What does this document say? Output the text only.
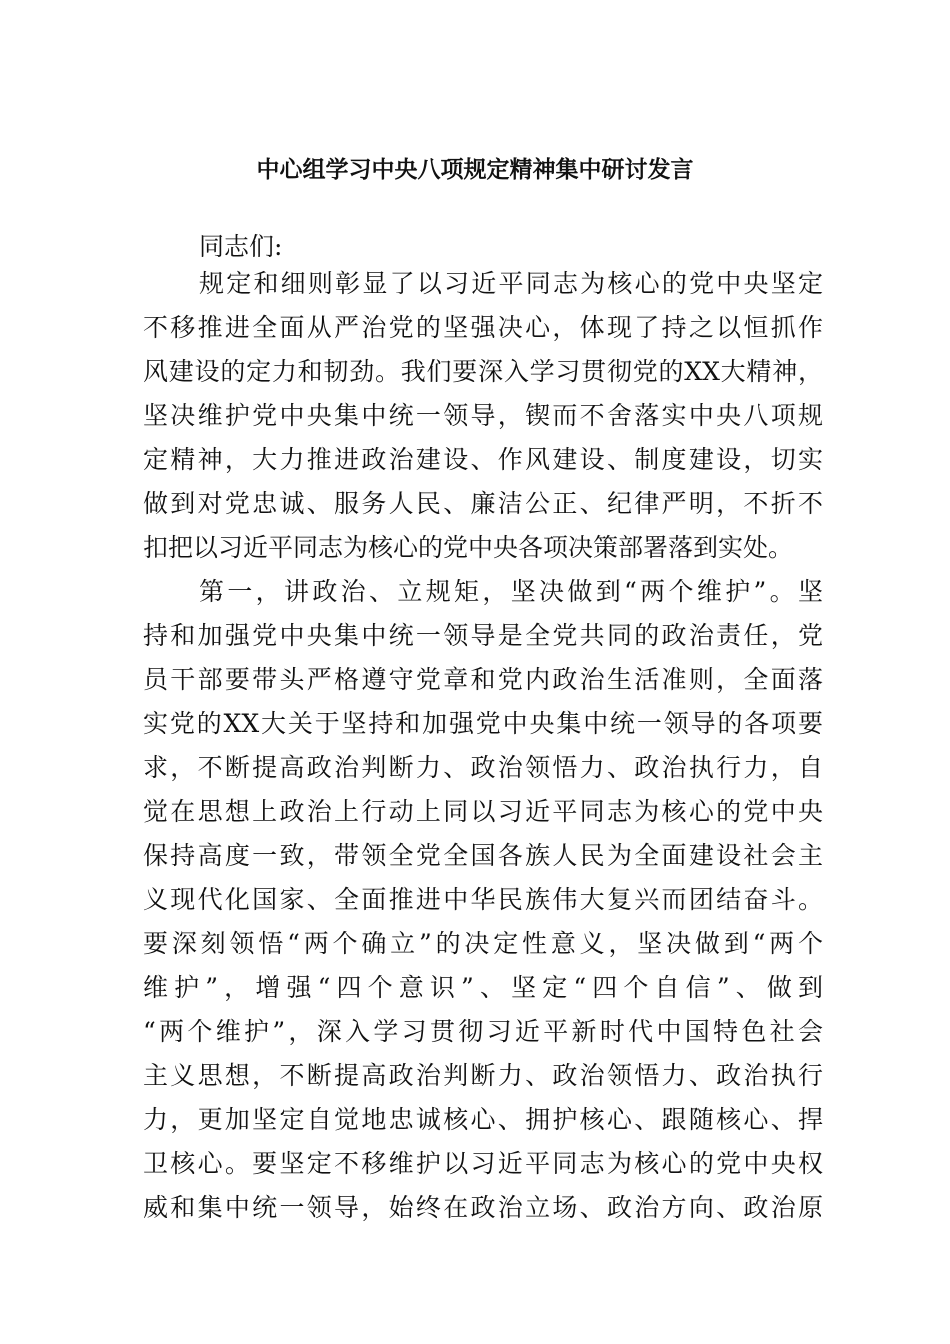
中心组学习中央八项规定精神集中研讨发言
同志们:
规定和细则彰显了以习近平同志为核心的党中央坚定
不移推进全面从严治党的坚强决心，体现了持之以恒抓作
风建设的定力和韧劲。我们要深入学习贯彻党的XX大精神，
坚决维护党中央集中统一领导，锲而不舍落实中央八项规
定精神，大力推进政治建设、作风建设、制度建设，切实
做到对党忠诚、服务人民、廉洁公正、纪律严明，不折不
扣把以习近平同志为核心的党中央各项决策部署落到实处。
第一，讲政治、立规矩，坚决做到“两个维护”。坚
持和加强党中央集中统一领导是全党共同的政治责任，党
员干部要带头严格遵守党章和党内政治生活准则，全面落
实党的XX大关于坚持和加强党中央集中统一领导的各项要
求，不断提高政治判断力、政治领悟力、政治执行力，自
觉在思想上政治上行动上同以习近平同志为核心的党中央
保持高度一致，带领全党全国各族人民为全面建设社会主
义现代化国家、全面推进中华民族伟大复兴而团结奋斗。
要深刻领悟“两个确立”的决定性意义，坚决做到“两个
维护”，增强“四个意识”、坚定“四个自信”、做到
“两个维护”，深入学习贯彻习近平新时代中国特色社会
主义思想，不断提高政治判断力、政治领悟力、政治执行
力，更加坚定自觉地忠诚核心、拥护核心、跟随核心、捍
卫核心。要坚定不移维护以习近平同志为核心的党中央权
威和集中统一领导，始终在政治立场、政治方向、政治原
